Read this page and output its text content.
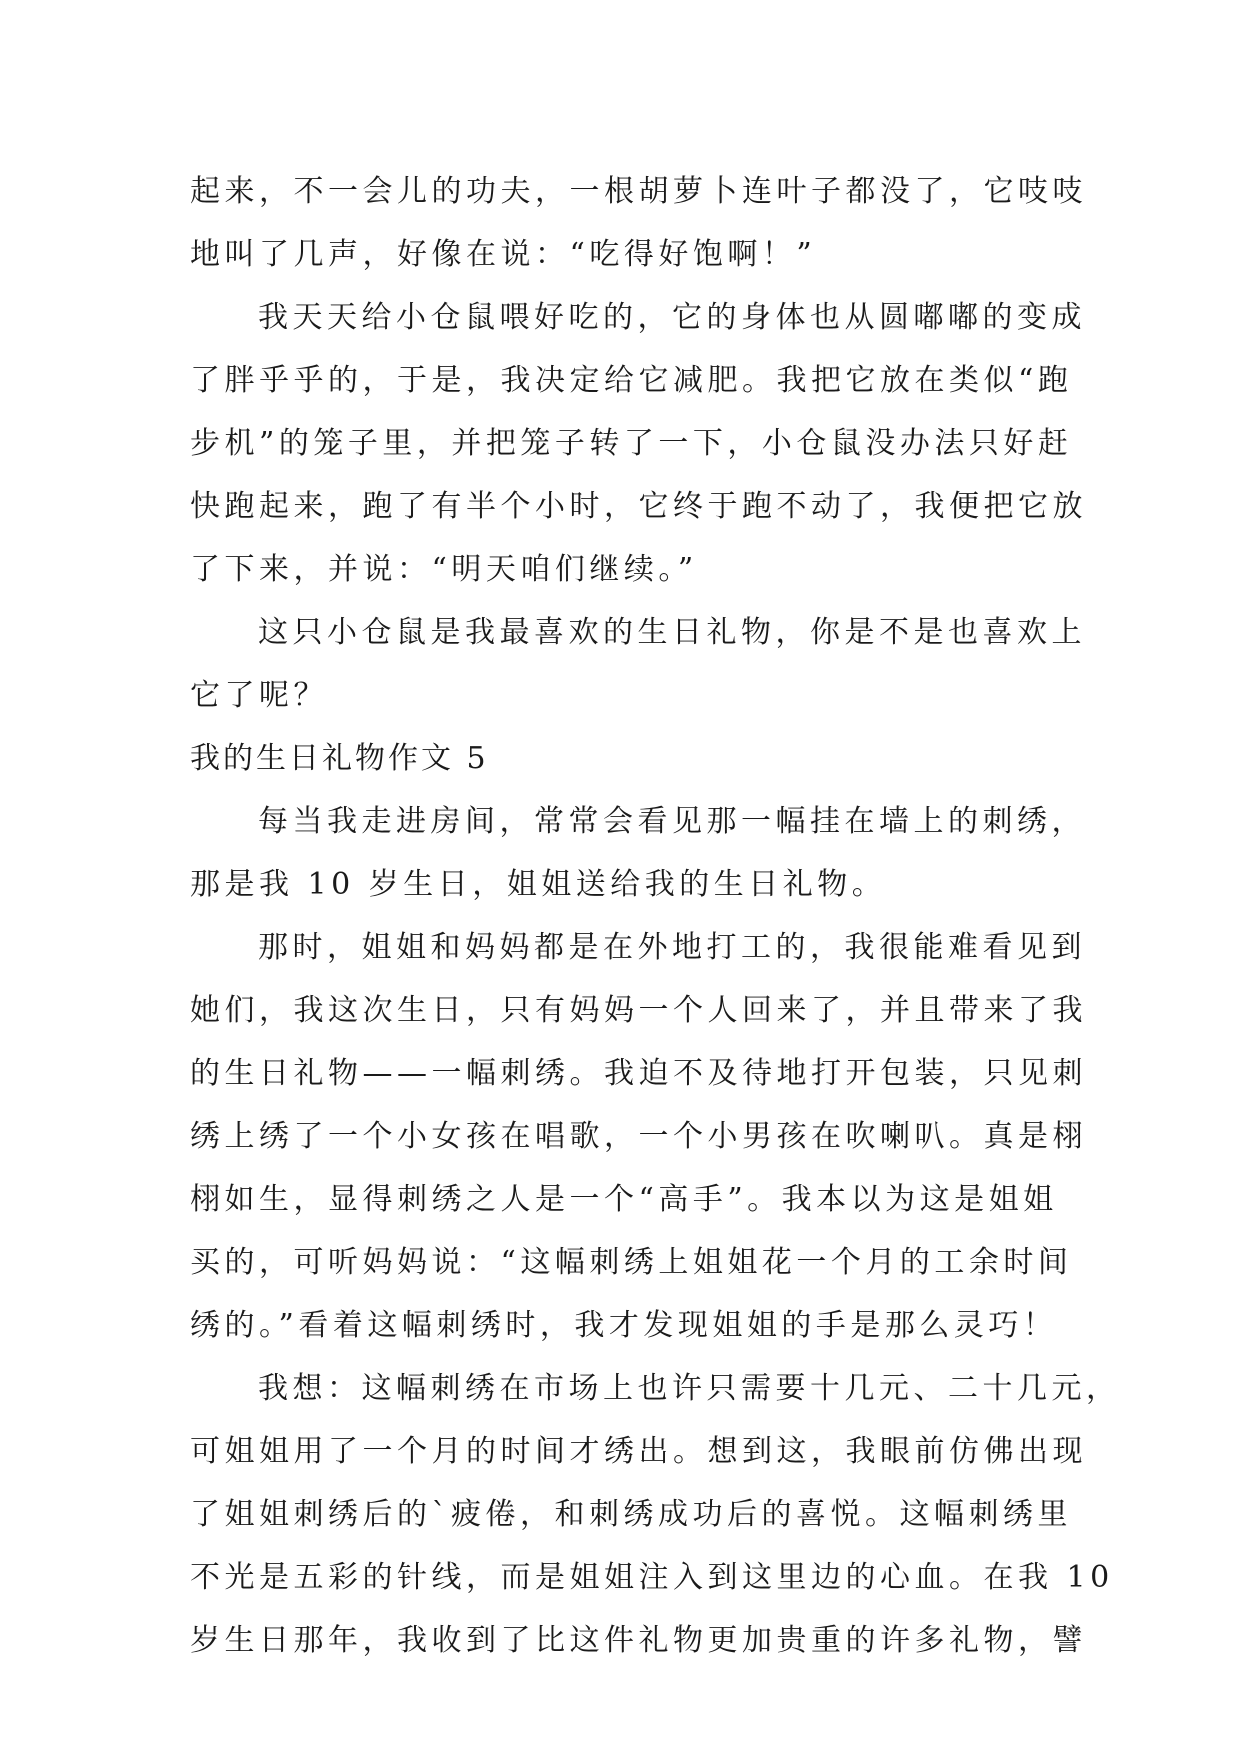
起来，不一会儿的功夫，一根胡萝卜连叶子都没了，它吱吱
地叫了几声，好像在说：“吃得好饱啊！”
我天天给小仓鼠喂好吃的，它的身体也从圆嘟嘟的变成
了胖乎乎的，于是，我决定给它减肥。我把它放在类似“跑
步机”的笼子里，并把笼子转了一下，小仓鼠没办法只好赶
快跑起来，跑了有半个小时，它终于跑不动了，我便把它放
了下来，并说：“明天咱们继续。”
这只小仓鼠是我最喜欢的生日礼物，你是不是也喜欢上
它了呢？
我的生日礼物作文 5
每当我走进房间，常常会看见那一幅挂在墙上的刺绣，
那是我 10 岁生日，姐姐送给我的生日礼物。
那时，姐姐和妈妈都是在外地打工的，我很能难看见到
她们，我这次生日，只有妈妈一个人回来了，并且带来了我
的生日礼物——一幅刺绣。我迫不及待地打开包装，只见刺
绣上绣了一个小女孩在唱歌，一个小男孩在吹喇叭。真是栩
栩如生，显得刺绣之人是一个“高手”。我本以为这是姐姐
买的，可听妈妈说：“这幅刺绣上姐姐花一个月的工余时间
绣的。”看着这幅刺绣时，我才发现姐姐的手是那么灵巧！
我想：这幅刺绣在市场上也许只需要十几元、二十几元，
可姐姐用了一个月的时间才绣出。想到这，我眼前仿佛出现
了姐姐刺绣后的`疲倦，和刺绣成功后的喜悦。这幅刺绣里
不光是五彩的针线，而是姐姐注入到这里边的心血。在我 10
岁生日那年，我收到了比这件礼物更加贵重的许多礼物，譬
